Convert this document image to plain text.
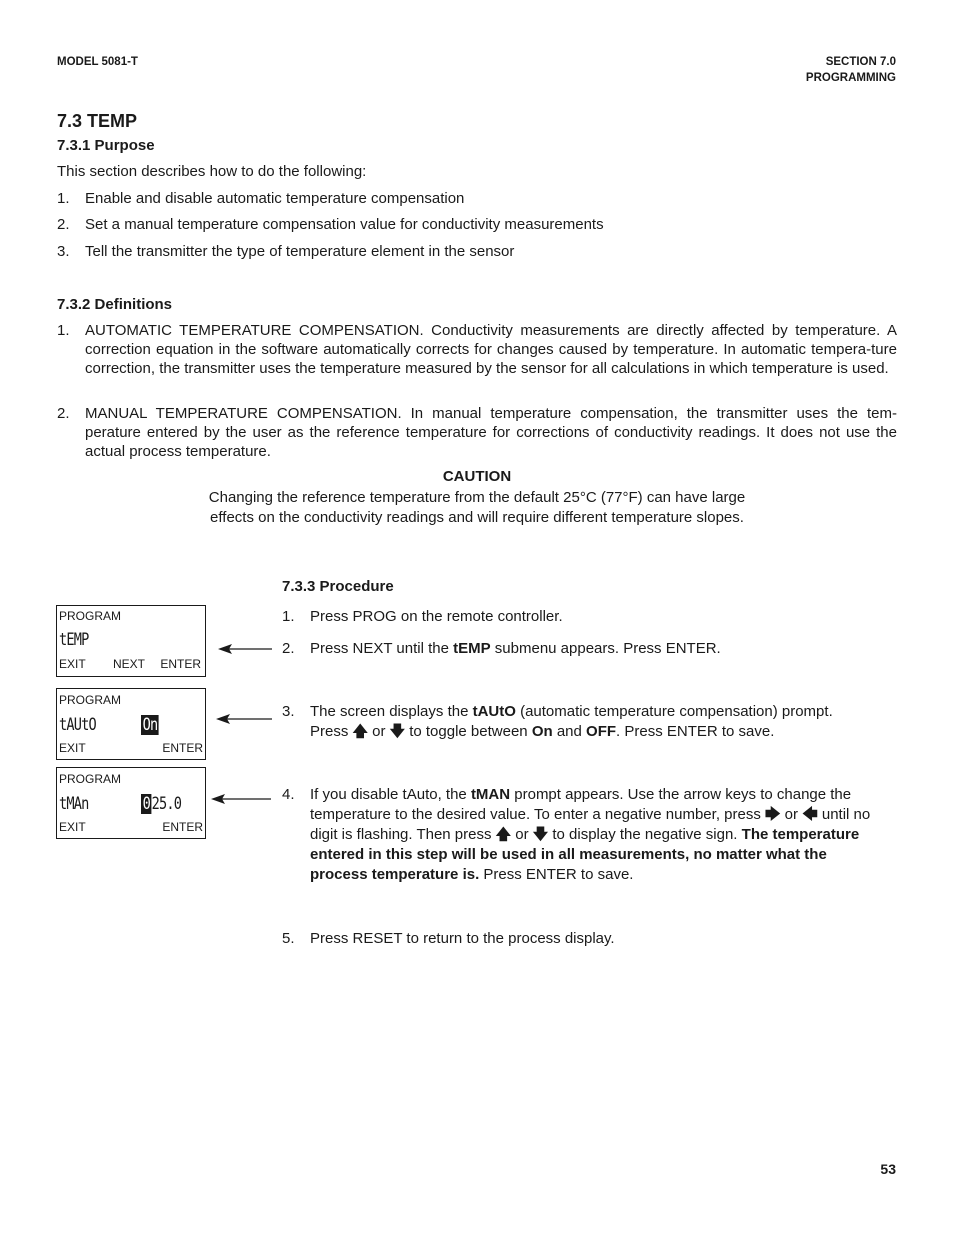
MODEL 5081-T	SECTION 7.0
PROGRAMMING
7.3 TEMP
7.3.1 Purpose
This section describes how to do the following:
1. Enable and disable automatic temperature compensation
2. Set a manual temperature compensation value for conductivity measurements
3. Tell the transmitter the type of temperature element in the sensor
7.3.2 Definitions
1. AUTOMATIC TEMPERATURE COMPENSATION. Conductivity measurements are directly affected by temperature. A correction equation in the software automatically corrects for changes caused by temperature. In automatic tempera-ture correction, the transmitter uses the temperature measured by the sensor for all calculations in which temperature is used.
2. MANUAL TEMPERATURE COMPENSATION. In manual temperature compensation, the transmitter uses the tem-perature entered by the user as the reference temperature for corrections of conductivity readings. It does not use the actual process temperature.
CAUTION
Changing the reference temperature from the default 25°C (77°F) can have large
effects on the conductivity readings and will require different temperature slopes.
7.3.3 Procedure
1. Press PROG on the remote controller.
2. Press NEXT until the tEMP submenu appears. Press ENTER.
3. The screen displays the tAUtO (automatic temperature compensation) prompt.
Press 🡅 or 🡇 to toggle between On and OFF. Press ENTER to save.
4. If you disable tAuto, the tMAN prompt appears. Use the arrow keys to change the temperature to the desired value. To enter a negative number, press 🡆 or 🡄 until no digit is flashing. Then press 🡅 or 🡇 to display the negative sign. The temperature entered in this step will be used in all measurements, no matter what the process temperature is. Press ENTER to save.
5. Press RESET to return to the process display.
PROGRAM
tEMP
EXIT NEXT ENTER
PROGRAM
tAUtO	On
EXIT	ENTER
PROGRAM
tMAn	025.0
EXIT	ENTER
53
